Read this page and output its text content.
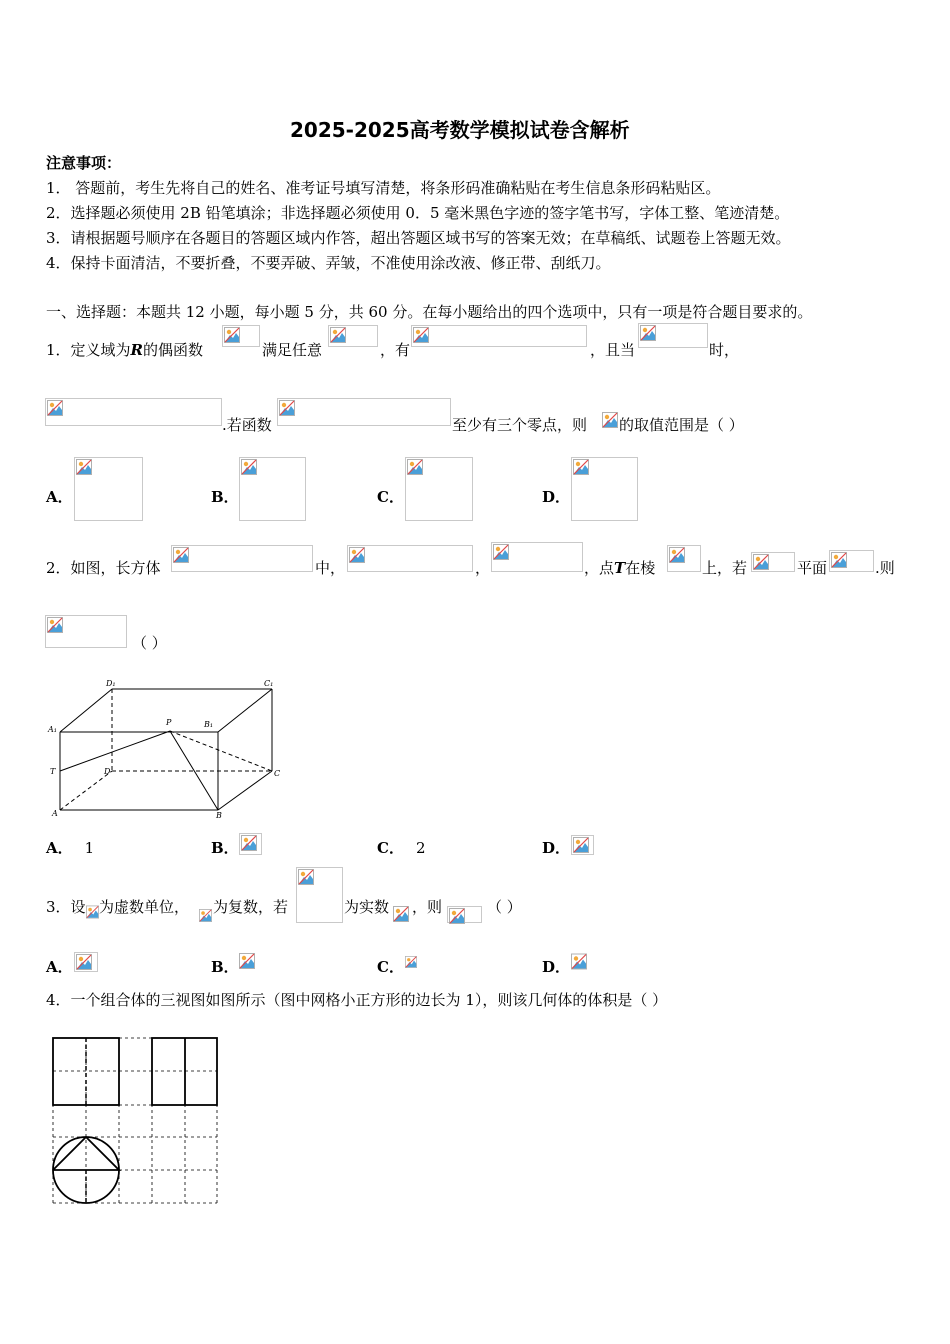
2025-2025高考数学模拟试卷含解析
注意事项：
1． 答题前，考生先将自己的姓名、准考证号填写清楚，将条形码准确粘贴在考生信息条形码粘贴区。
2．选择题必须使用 2B 铅笔填涂；非选择题必须使用 0．5 毫米黑色字迹的签字笔书写，字体工整、笔迹清楚。
3．请根据题号顺序在各题目的答题区域内作答，超出答题区域书写的答案无效；在草稿纸、试题卷上答题无效。
4．保持卡面清洁，不要折叠，不要弄破、弄皱，不准使用涂改液、修正带、刮纸刀。
一、选择题：本题共 12 小题，每小题 5 分，共 60 分。在每小题给出的四个选项中，只有一项是符合题目要求的。
1．定义域为R的偶函数	满足任意	，有	，且当	时，
.若函数	至少有三个零点，则 的取值范围是（ ）
A．	B．	C．	D．
2．如图，长方体	中，	，	，点T在棱	上，若	平面	.则
（ ）
D₁	C₁
A₁
P	B₁
T	D	C
A	B
A． 1	B．	C． 2	D．
3．设 为虚数单位， 为复数，若	为实数 ，则	（ ）
A．	B．	C．	D．
4．一个组合体的三视图如图所示（图中网格小正方形的边长为 1），则该几何体的体积是（ ）
